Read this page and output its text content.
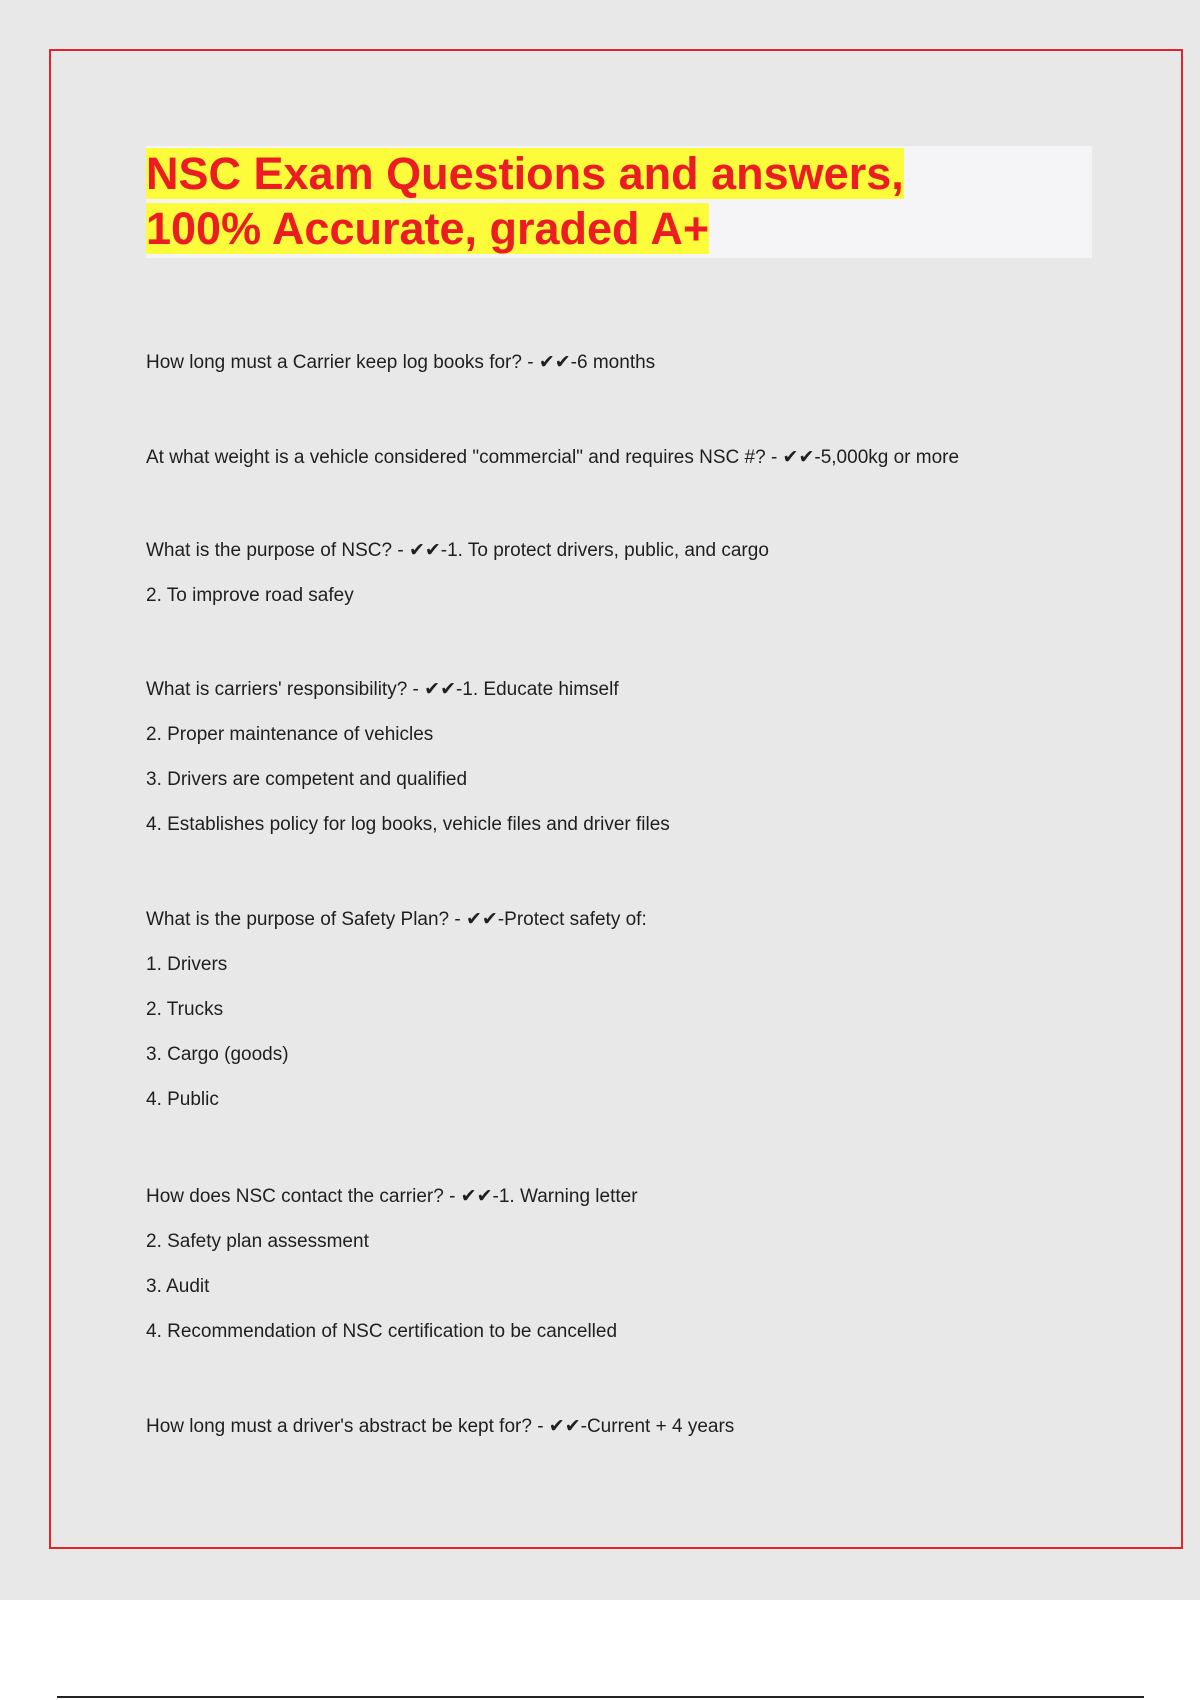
NSC Exam Questions and answers,
100% Accurate, graded A+
How long must a Carrier keep log books for? - ✔✔-6 months
At what weight is a vehicle considered "commercial" and requires NSC #? - ✔✔-5,000kg or more
What is the purpose of NSC? - ✔✔-1. To protect drivers, public, and cargo
2. To improve road safey
What is carriers' responsibility? - ✔✔-1. Educate himself
2. Proper maintenance of vehicles
3. Drivers are competent and qualified
4. Establishes policy for log books, vehicle files and driver files
What is the purpose of Safety Plan? - ✔✔-Protect safety of:
1. Drivers
2. Trucks
3. Cargo (goods)
4. Public
How does NSC contact the carrier? - ✔✔-1. Warning letter
2. Safety plan assessment
3. Audit
4. Recommendation of NSC certification to be cancelled
How long must a driver's abstract be kept for? - ✔✔-Current + 4 years
